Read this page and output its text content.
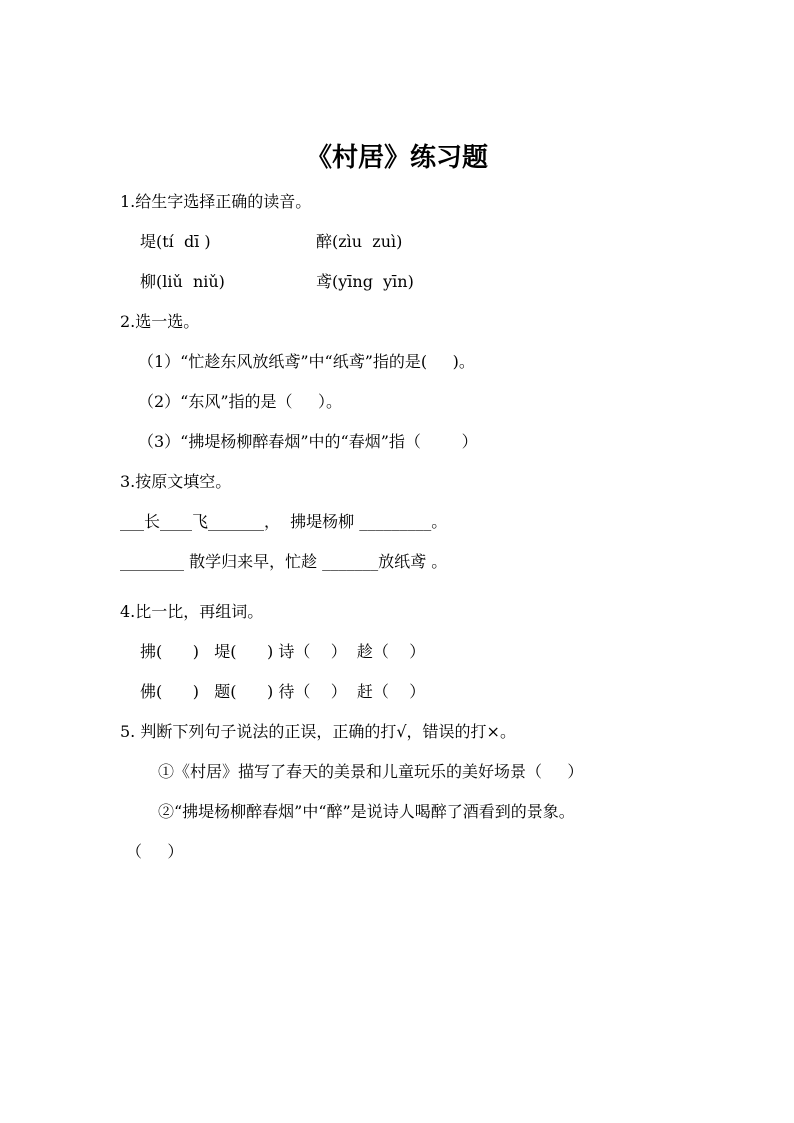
《村居》练习题
1.给生字选择正确的读音。
堤(tí  dī )	醉(zìu  zuì)
柳(liǔ  niǔ)	鸢(yīng  yīn)
2.选一选。
（1）“忙趁东风放纸鸢”中“纸鸢”指的是(     )。
（2）“东风”指的是（     ）。
（3）“拂堤杨柳醉春烟”中的“春烟”指（        ）
3.按原文填空。
___长____飞_______，  拂堤杨柳 _________。
________ 散学归来早，忙趁 _______放纸鸢 。
4.比一比，再组词。
拂(      )   堤(      ) 诗（    ）  趁（    ）
佛(      )   题(      ) 待（    ）  赶（    ）
5. 判断下列句子说法的正误，正确的打√，错误的打×。
①《村居》描写了春天的美景和儿童玩乐的美好场景（     ）
②“拂堤杨柳醉春烟”中“醉”是说诗人喝醉了酒看到的景象。
（     ）
